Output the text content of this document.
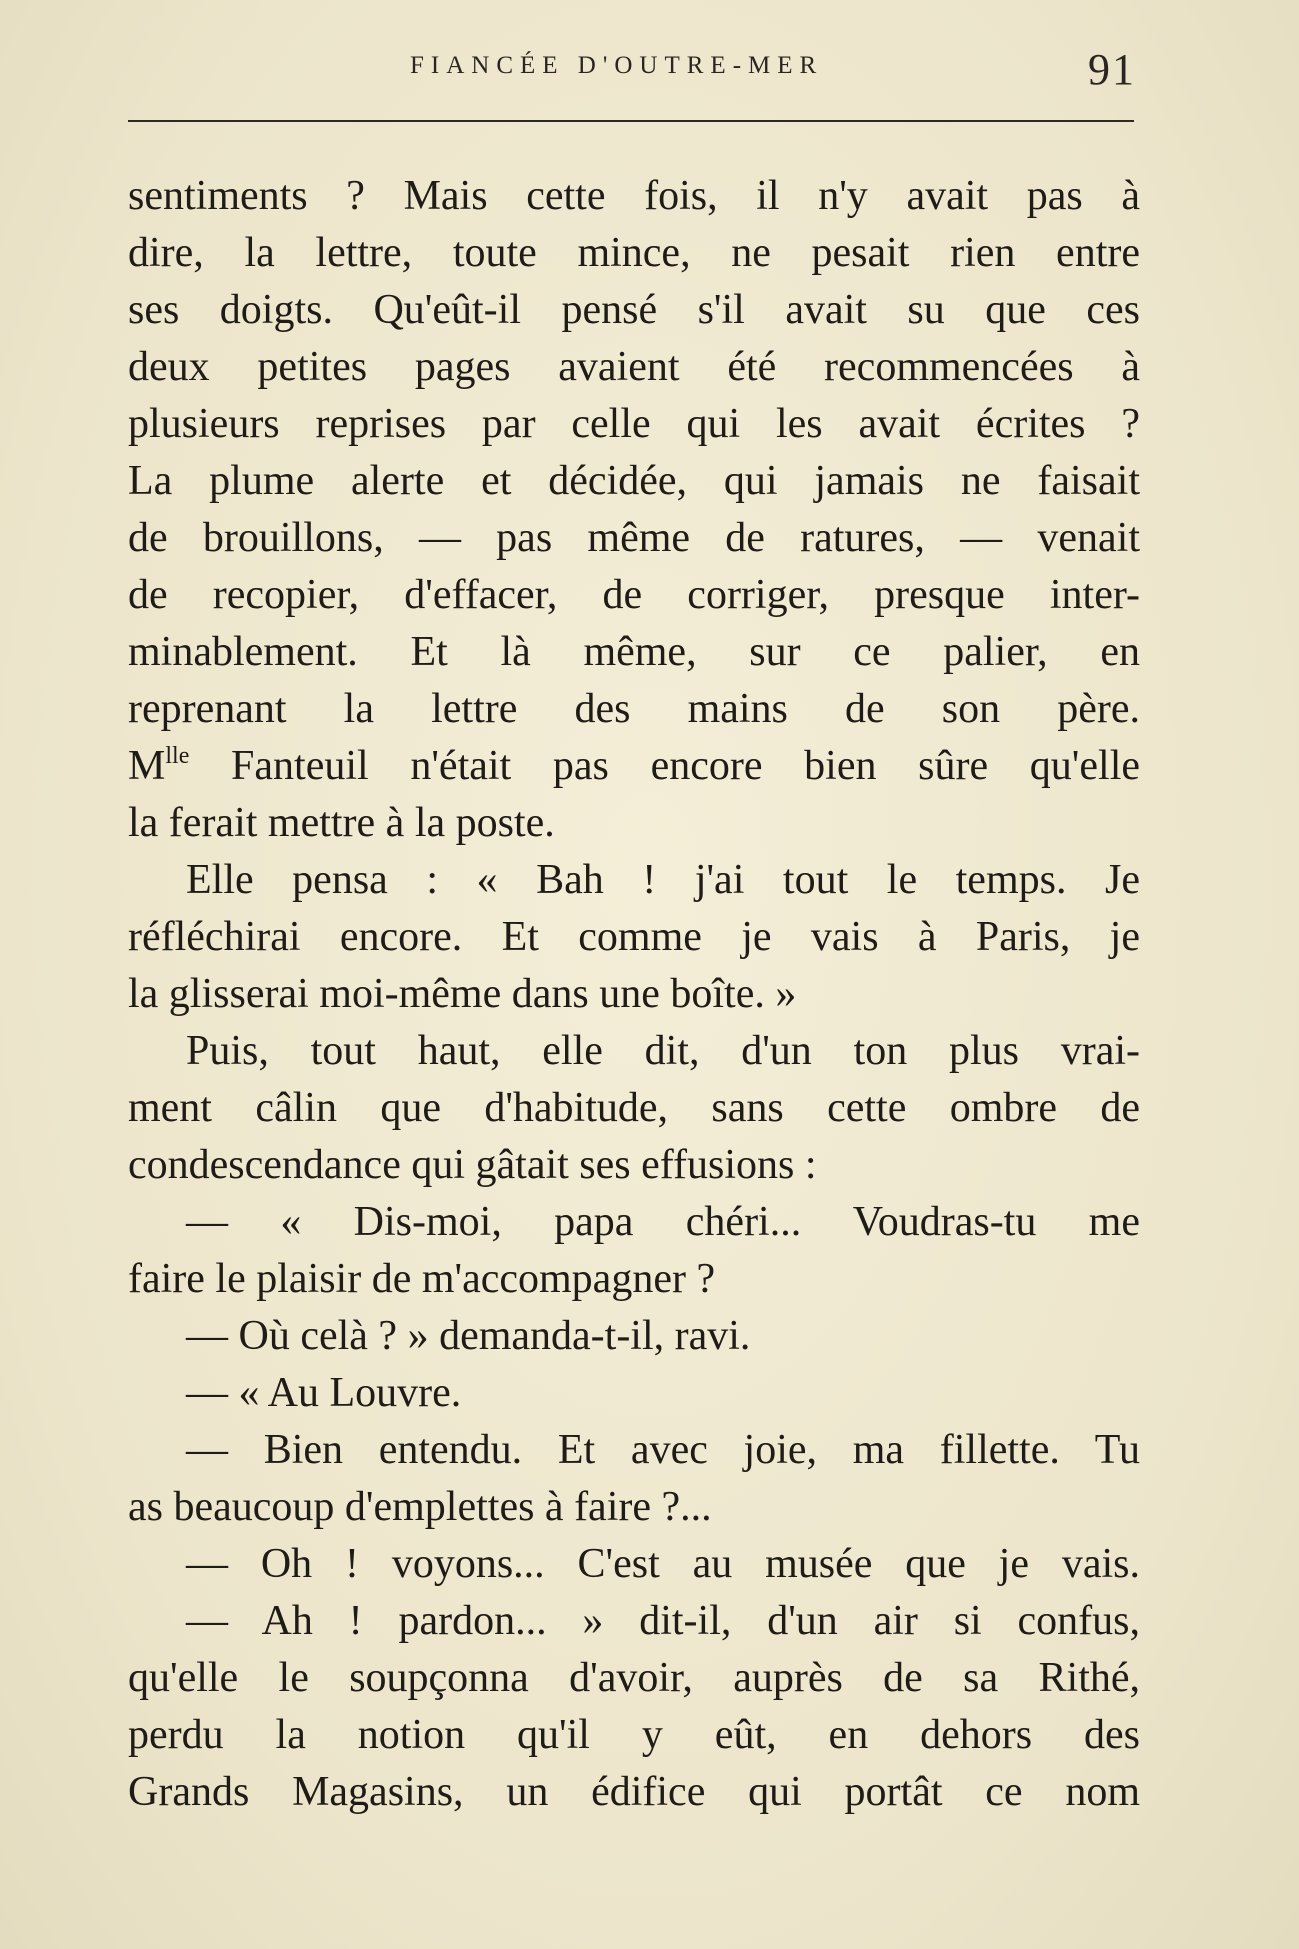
FIANCÉE D'OUTRE-MER	91
sentiments ? Mais cette fois, il n'y avait pas à
dire, la lettre, toute mince, ne pesait rien entre
ses doigts. Qu'eût-il pensé s'il avait su que ces
deux petites pages avaient été recommencées à
plusieurs reprises par celle qui les avait écrites ?
La plume alerte et décidée, qui jamais ne faisait
de brouillons, — pas même de ratures, — venait
de recopier, d'effacer, de corriger, presque inter-
minablement. Et là même, sur ce palier, en
reprenant la lettre des mains de son père.
$M^{lle}$ Fanteuil n'était pas encore bien sûre qu'elle
la ferait mettre à la poste.
Elle pensa : « Bah ! j'ai tout le temps. Je
réfléchirai encore. Et comme je vais à Paris, je
la glisserai moi-même dans une boîte. »
Puis, tout haut, elle dit, d'un ton plus vrai-
ment câlin que d'habitude, sans cette ombre de
condescendance qui gâtait ses effusions :
— « Dis-moi, papa chéri... Voudras-tu me
faire le plaisir de m'accompagner ?
— Où celà ? » demanda-t-il, ravi.
— « Au Louvre.
— Bien entendu. Et avec joie, ma fillette. Tu
as beaucoup d'emplettes à faire ?...
— Oh ! voyons... C'est au musée que je vais.
— Ah ! pardon... » dit-il, d'un air si confus,
qu'elle le soupçonna d'avoir, auprès de sa Rithé,
perdu la notion qu'il y eût, en dehors des
Grands Magasins, un édifice qui portât ce nom
